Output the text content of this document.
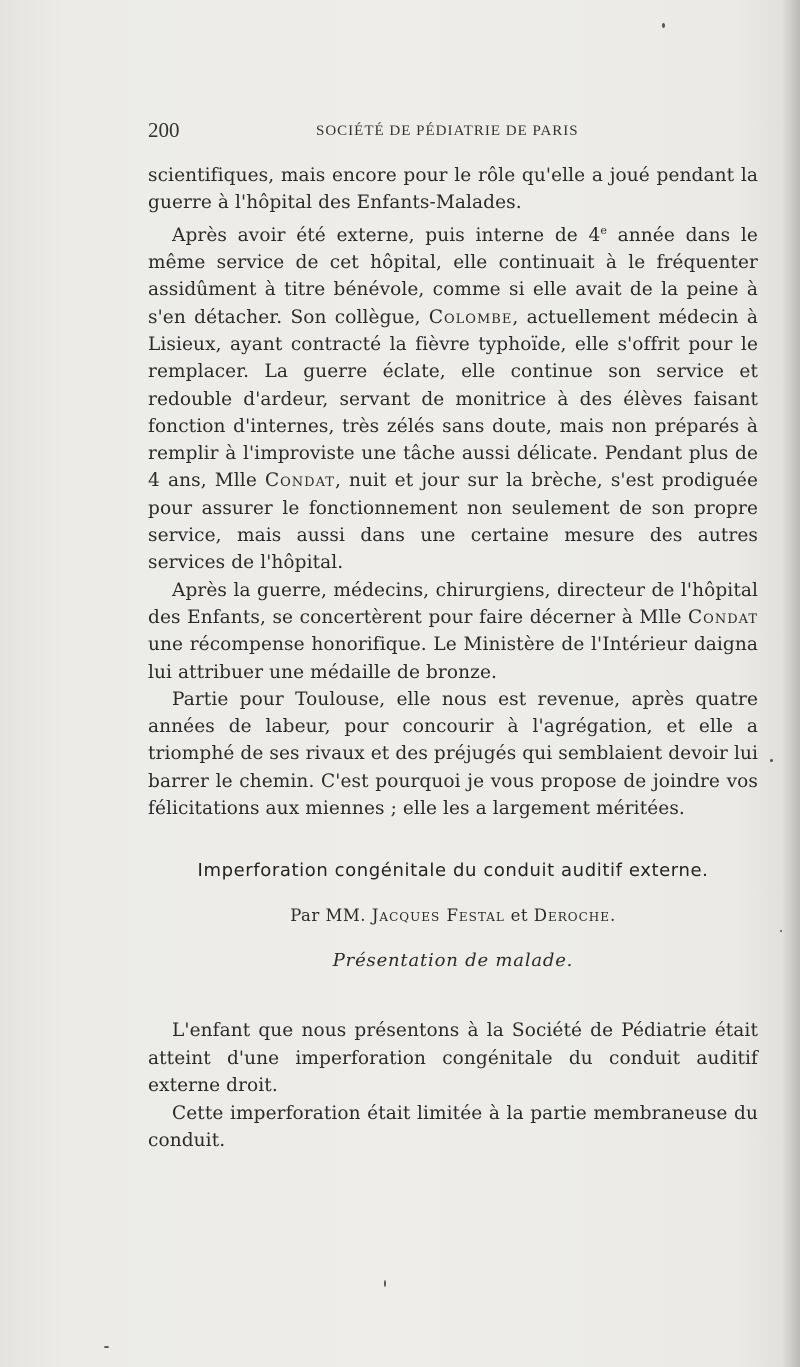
200	SOCIÉTÉ DE PÉDIATRIE DE PARIS

scientifiques, mais encore pour le rôle qu'elle a joué pendant la guerre à l'hôpital des Enfants-Malades.

Après avoir été externe, puis interne de 4e année dans le même service de cet hôpital, elle continuait à le fréquenter assidûment à titre bénévole, comme si elle avait de la peine à s'en détacher. Son collègue, Colombe, actuellement médecin à Lisieux, ayant contracté la fièvre typhoïde, elle s'offrit pour le remplacer. La guerre éclate, elle continue son service et redouble d'ardeur, servant de monitrice à des élèves faisant fonction d'internes, très zélés sans doute, mais non préparés à remplir à l'improviste une tâche aussi délicate. Pendant plus de 4 ans, Mlle Condat, nuit et jour sur la brèche, s'est prodiguée pour assurer le fonctionnement non seulement de son propre service, mais aussi dans une certaine mesure des autres services de l'hôpital.

Après la guerre, médecins, chirurgiens, directeur de l'hôpital des Enfants, se concertèrent pour faire décerner à Mlle Condat une récompense honorifique. Le Ministère de l'Intérieur daigna lui attribuer une médaille de bronze.

Partie pour Toulouse, elle nous est revenue, après quatre années de labeur, pour concourir à l'agrégation, et elle a triomphé de ses rivaux et des préjugés qui semblaient devoir lui barrer le chemin. C'est pourquoi je vous propose de joindre vos félicitations aux miennes ; elle les a largement méritées.

Imperforation congénitale du conduit auditif externe.
Par MM. Jacques Festal et Deroche.
Présentation de malade.

L'enfant que nous présentons à la Société de Pédiatrie était atteint d'une imperforation congénitale du conduit auditif externe droit.

Cette imperforation était limitée à la partie membraneuse du conduit.
